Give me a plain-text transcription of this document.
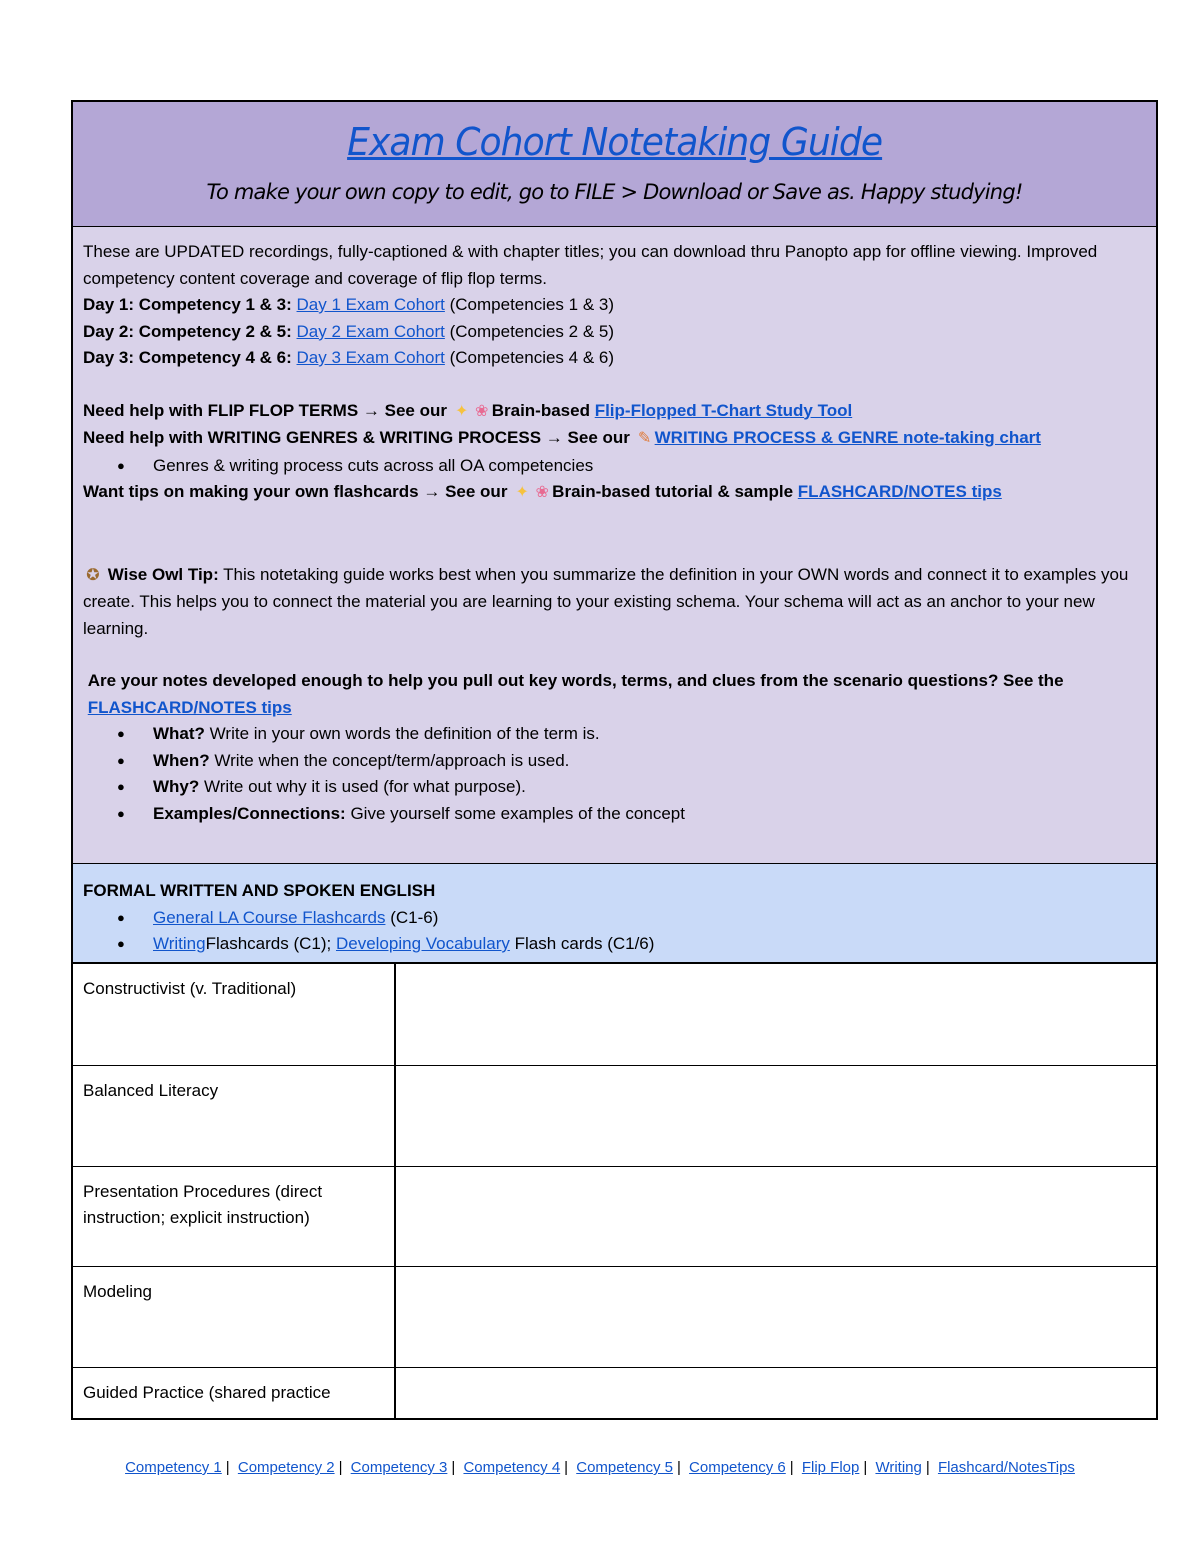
Exam Cohort Notetaking Guide
To make your own copy to edit, go to FILE > Download or Save as. Happy studying!

These are UPDATED recordings, fully-captioned & with chapter titles; you can download thru Panopto app for offline viewing. Improved competency content coverage and coverage of flip flop terms.

Day 1: Competency 1 & 3: Day 1 Exam Cohort (Competencies 1 & 3)

Day 2: Competency 2 & 5: Day 2 Exam Cohort (Competencies 2 & 5)

Day 3: Competency 4 & 6: Day 3 Exam Cohort (Competencies 4 & 6)

Need help with FLIP FLOP TERMS → See our ✦ ❀ Brain-based Flip-Flopped T-Chart Study Tool

Need help with WRITING GENRES & WRITING PROCESS → See our ✎ WRITING PROCESS & GENRE note-taking chart

● Genres & writing process cuts across all OA competencies

Want tips on making your own flashcards → See our ✦ ❀ Brain-based tutorial & sample FLASHCARD/NOTES tips

✪ Wise Owl Tip: This notetaking guide works best when you summarize the definition in your OWN words and connect it to examples you create. This helps you to connect the material you are learning to your existing schema. Your schema will act as an anchor to your new learning.

Are your notes developed enough to help you pull out key words, terms, and clues from the scenario questions? See the  FLASHCARD/NOTES tips

● What? Write in your own words the definition of the term is.
● When? Write when the concept/term/approach is used.
● Why? Write out why it is used (for what purpose).
● Examples/Connections: Give yourself some examples of the concept

FORMAL WRITTEN AND SPOKEN ENGLISH

● General LA Course Flashcards (C1-6)
● WritingFlashcards (C1); Developing Vocabulary Flash cards (C1/6)
Constructivist (v. Traditional)	
Balanced Literacy	
Presentation Procedures (direct instruction; explicit instruction)	
Modeling	
Guided Practice (shared practice	
Competency 1 | Competency 2 | Competency 3 | Competency 4 | Competency 5 | Competency 6 | Flip Flop | Writing | Flashcard/NotesTips
